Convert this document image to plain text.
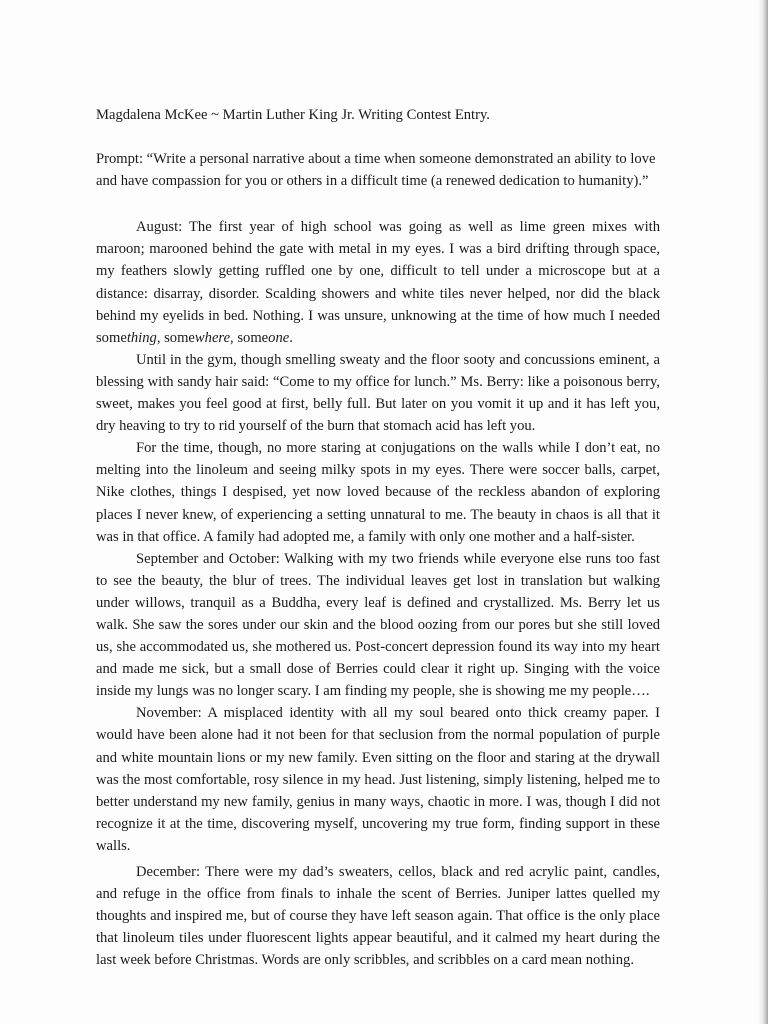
Magdalena McKee ~ Martin Luther King Jr. Writing Contest Entry.
Prompt: “Write a personal narrative about a time when someone demonstrated an ability to love and have compassion for you or others in a difficult time (a renewed dedication to humanity).”

August: The first year of high school was going as well as lime green mixes with maroon; marooned behind the gate with metal in my eyes. I was a bird drifting through space, my feathers slowly getting ruffled one by one, difficult to tell under a microscope but at a distance: disarray, disorder. Scalding showers and white tiles never helped, nor did the black behind my eyelids in bed. Nothing. I was unsure, unknowing at the time of how much I needed something, somewhere, someone.

Until in the gym, though smelling sweaty and the floor sooty and concussions eminent, a blessing with sandy hair said: “Come to my office for lunch.” Ms. Berry: like a poisonous berry, sweet, makes you feel good at first, belly full. But later on you vomit it up and it has left you, dry heaving to try to rid yourself of the burn that stomach acid has left you.

For the time, though, no more staring at conjugations on the walls while I don’t eat, no melting into the linoleum and seeing milky spots in my eyes. There were soccer balls, carpet, Nike clothes, things I despised, yet now loved because of the reckless abandon of exploring places I never knew, of experiencing a setting unnatural to me. The beauty in chaos is all that it was in that office. A family had adopted me, a family with only one mother and a half-sister.

September and October: Walking with my two friends while everyone else runs too fast to see the beauty, the blur of trees. The individual leaves get lost in translation but walking under willows, tranquil as a Buddha, every leaf is defined and crystallized. Ms. Berry let us walk. She saw the sores under our skin and the blood oozing from our pores but she still loved us, she accommodated us, she mothered us. Post-concert depression found its way into my heart and made me sick, but a small dose of Berries could clear it right up. Singing with the voice inside my lungs was no longer scary. I am finding my people, she is showing me my people….

November: A misplaced identity with all my soul beared onto thick creamy paper. I would have been alone had it not been for that seclusion from the normal population of purple and white mountain lions or my new family. Even sitting on the floor and staring at the drywall was the most comfortable, rosy silence in my head. Just listening, simply listening, helped me to better understand my new family, genius in many ways, chaotic in more. I was, though I did not recognize it at the time, discovering myself, uncovering my true form, finding support in these walls.

December: There were my dad’s sweaters, cellos, black and red acrylic paint, candles, and refuge in the office from finals to inhale the scent of Berries. Juniper lattes quelled my thoughts and inspired me, but of course they have left season again. That office is the only place that linoleum tiles under fluorescent lights appear beautiful, and it calmed my heart during the last week before Christmas. Words are only scribbles, and scribbles on a card mean nothing.
